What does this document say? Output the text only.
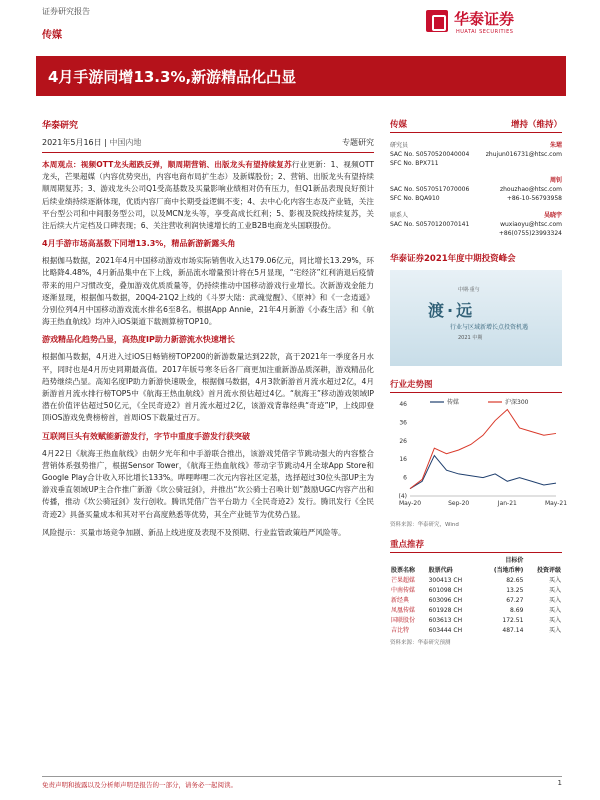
证券研究报告
传媒
华泰证券
HUATAI SECURITIES
4月手游同增13.3%,新游精品化凸显
华泰研究
2021年5月16日 | 中国内地	专题研究
本周观点：视频OTT龙头超跌反弹，顺周期营销、出版龙头有望持续复苏行业更新：1、视频OTT龙头，芒果超媒（内容优势突出，内容电商布局扩生态）及新媒股份；2、营销、出版龙头有望持续顺周期复苏；3、游戏龙头公司Q1受高基数及买量影响业绩相对仍有压力，但Q1新品表现良好预计后续业绩持续逐渐体现，优质内容厂商中长期受益逻辑不变；4、去中心化内容生态及产业链，关注平台型公司和中间服务型公司，以及MCN龙头等，享受高成长红利；5、影视及院线持续复苏，关注后续大片定档及口碑表现；6、关注营收利润快速增长的工业B2B电商龙头国联股份。
4月手游市场高基数下同增13.3%，精品新游新露头角
根据伽马数据，2021年4月中国移动游戏市场实际销售收入达179.06亿元，同比增长13.29%，环比略降4.48%，4月新品集中在下上线，新品流水增量预计将在5月显现，“宅经济”红利消退后疫情带来的用户习惯改变，叠加游戏优质质量等，仍持续推动中国移动游戏行业增长。次新游戏金能力逐渐显现，根据伽马数据，20Q4-21Q2上线的《斗罗大陆：武魂觉醒》、《原神》和《一念逍遥》分别位列4月中国移动游戏流水排名6至8名。根据App Annie，21年4月新游《小森生活》和《航海王热血航线》均冲入iOS渠道下载测算榜TOP10。
游戏精品化趋势凸显，高热度IP助力新游流水快速增长
根据伽马数据，4月进入过iOS日畅销榜TOP200的新游数量达到22款，高于2021年一季度各月水平，同时也是4月历史同期最高值。2017年版号寒冬后各厂商更加注重新游品质深耕，游戏精品化趋势继续凸显。高知名度IP助力新游快速吸金，根据伽马数据，4月3款新游首月流水超过2亿，4月新游首月流水排行榜TOP5中《航海王热血航线》首月流水预估超过4亿。“航海王”移动游戏领域IP潜在价值评估超过50亿元，《全民奇迹2》首月流水超过2亿，该游戏背靠经典“奇迹”IP，上线即登顶iOS游戏免费榜榜首，首周iOS下载量过百万。
互联网巨头有效赋能新游发行，字节中重度手游发行获突破
4月22日《航海王热血航线》由朝夕光年和中手游联合推出，该游戏凭借字节跳动强大的内容整合营销体系强势推广，根据Sensor Tower，《航海王热血航线》带动字节跳动4月全球App Store和Google Play合计收入环比增长133%。哔哩哔哩二次元内容社区定基，选择超过30位头部UP主为游戏垂直领域UP主合作推广新游《坎公骑冠剑》，并推出“坎公骑士召唤计划”鼓励UGC内容产出和传播，推动《坎公骑冠剑》发行创收。腾讯凭借广告平台助力《全民奇迹2》发行。腾讯发行《全民奇迹2》具备买量成本和其对平台高度熟悉等优势，其全产业链节为优势凸显。
风险提示：买量市场竞争加剧、新品上线进度及表现不及预期、行业监管政策趋严风险等。
传媒	增持（维持）
研究员	朱珺
SAC No. S0570520040004	zhujun016731@htsc.com
SFC No. BPX711
周钊
SAC No. S0570517070006	zhouzhao@htsc.com
SFC No. BQA910	+86-10-56793958
联系人	吴晓宇
SAC No. S0570120070141	wuxiaoyu@htsc.com
+86(0755)23993324
华泰证券2021年度中期投资峰会
中期·重与
渡·远
行业与区域新增长点投资机遇
2021 中期
行业走势图
(4)
6
16
26
36
46
May-20	Sep-20	Jan-21	May-21
传媒	沪深300
资料来源：华泰研究，Wind
重点推荐
		目标价	
股票名称	股票代码	(当地币种)	投资评级
芒果超媒	300413 CH	82.65	买入
中南传媒	601098 CH	13.25	买入
新经典	603096 CH	67.27	买入
凤凰传媒	601928 CH	8.69	买入
国联股份	603613 CH	172.51	买入
吉比特	603444 CH	487.14	买入
资料来源：华泰研究预测
免责声明和披露以及分析师声明是报告的一部分，请务必一起阅读。	1
